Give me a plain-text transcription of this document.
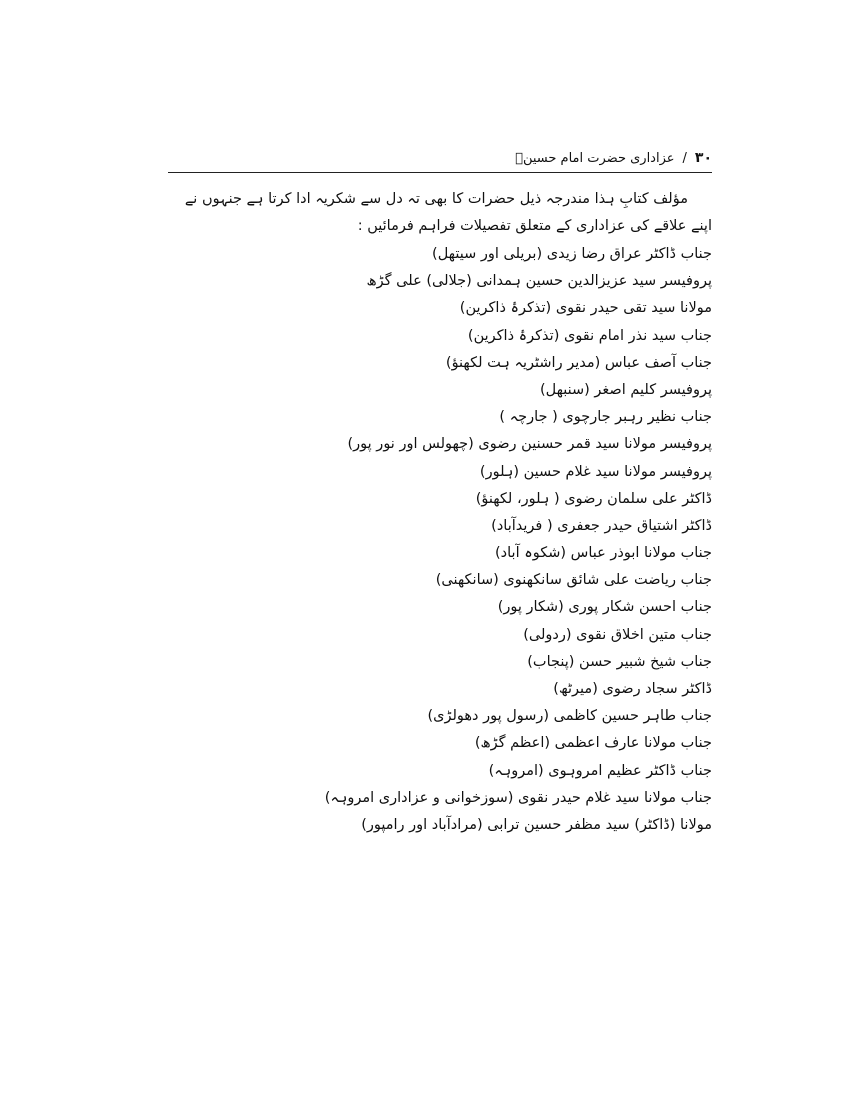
۳۰
/
عزاداری حضرت امام حسینؑ

مؤلف کتابِ ہذا مندرجہ ذیل حضرات کا بھی تہ دل سے شکریہ ادا کرتا ہے جنہوں نے اپنے علاقے کی عزاداری کے متعلق تفصیلات فراہم فرمائیں :

جناب ڈاکٹر عراق رضا زیدی (بریلی اور سیتھل)
پروفیسر سید عزیزالدین حسین ہمدانی (جلالی) علی گڑھ
مولانا سید تقی حیدر نقوی (تذکرۂ ذاکرین)
جناب سید نذر امام نقوی (تذکرۂ ذاکرین)
جناب آصف عباس (مدیر راشٹریہ ہت لکھنؤ)
پروفیسر کلیم اصغر (سنبھل)
جناب نظیر رہبر جارچوی ( جارچہ )
پروفیسر مولانا سید قمر حسنین رضوی (چھولس اور نور پور)
پروفیسر مولانا سید غلام حسین (ہلور)
ڈاکٹر علی سلمان رضوی ( ہلور، لکھنؤ)
ڈاکٹر اشتیاق حیدر جعفری ( فریدآباد)
جناب مولانا ابوذر عباس (شکوہ آباد)
جناب ریاضت علی شائق سانکھنوی (سانکھنی)
جناب احسن شکار پوری (شکار پور)
جناب متین اخلاق نقوی (ردولی)
جناب شیخ شبیر حسن (پنجاب)
ڈاکٹر سجاد رضوی (میرٹھ)
جناب طاہر حسین کاظمی (رسول پور دھولڑی)
جناب مولانا عارف اعظمی (اعظم گڑھ)
جناب ڈاکٹر عظیم امروہوی (امروہہ)
جناب مولانا سید غلام حیدر نقوی (سوزخوانی و عزاداری امروہہ)
مولانا (ڈاکٹر) سید مظفر حسین ترابی (مرادآباد اور رامپور)
